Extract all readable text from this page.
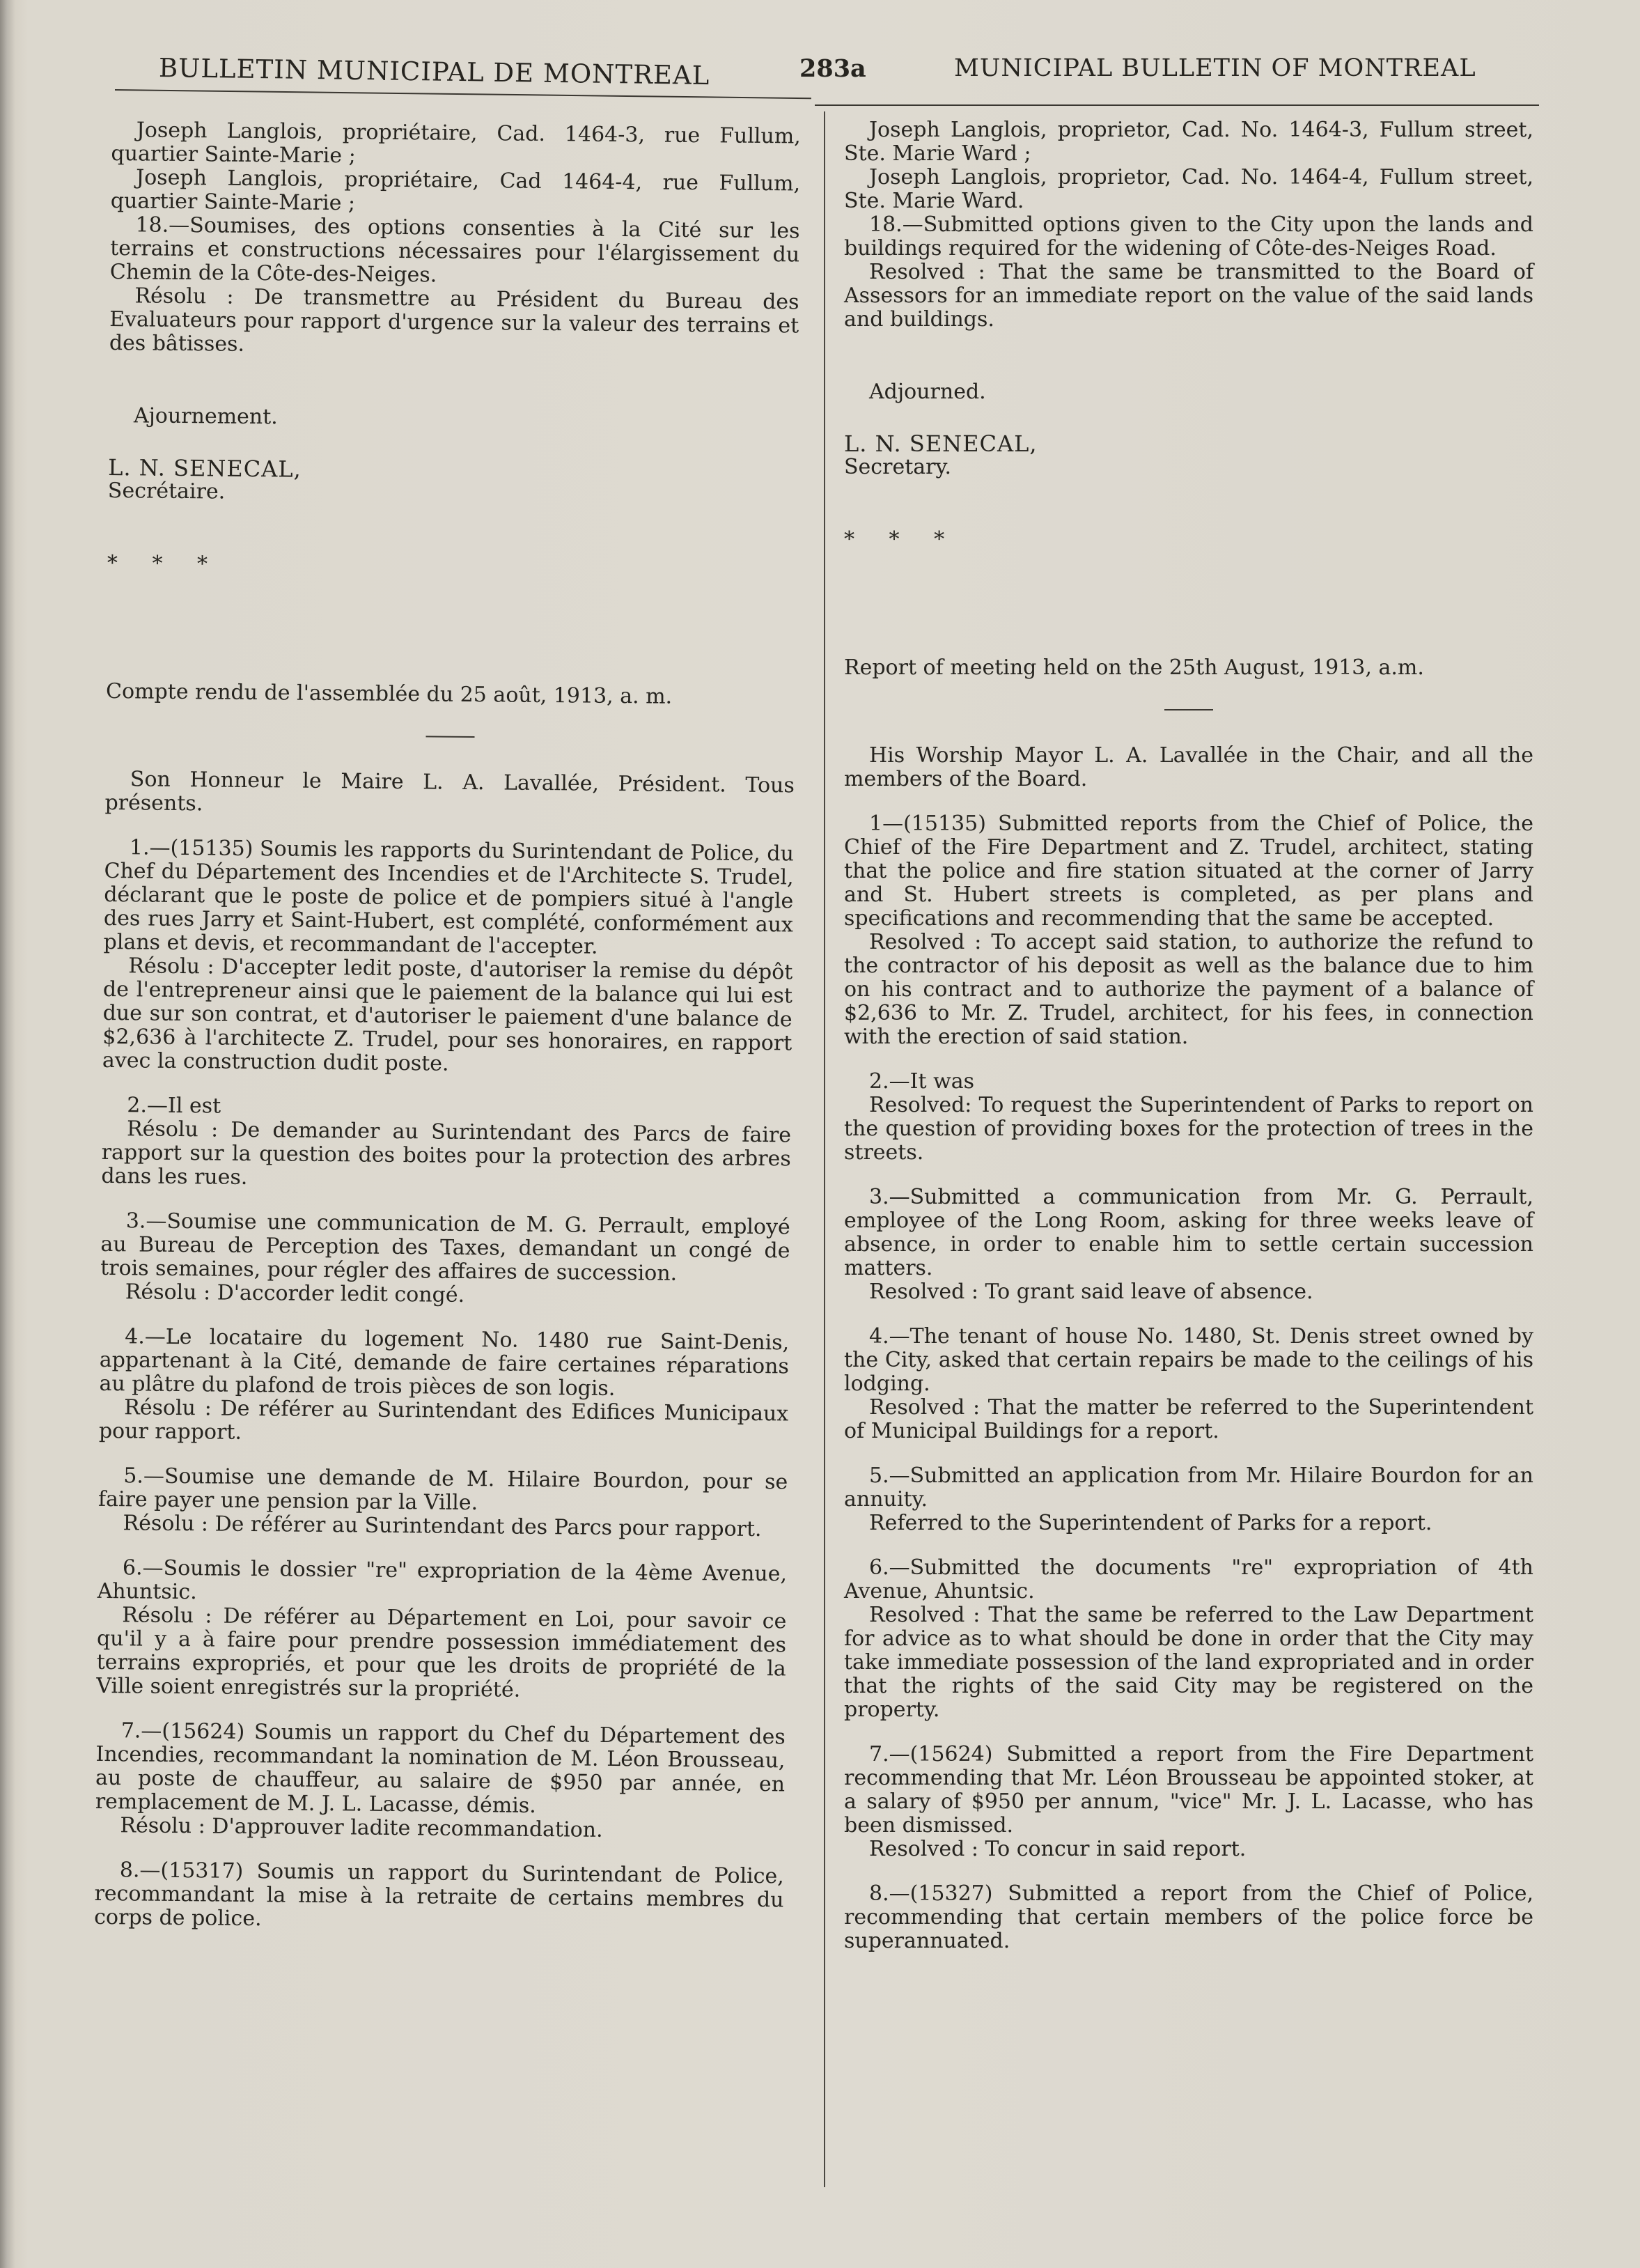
BULLETIN MUNICIPAL DE MONTREAL	283a	MUNICIPAL BULLETIN OF MONTREAL

Joseph Langlois, propriétaire, Cad. 1464-3, rue Fullum, quartier Sainte-Marie ;

Joseph Langlois, propriétaire, Cad 1464-4, rue Fullum, quartier Sainte-Marie ;

18.—Soumises, des options consenties à la Cité sur les terrains et constructions nécessaires pour l'élargissement du Chemin de la Côte-des-Neiges.

Résolu : De transmettre au Président du Bureau des Evaluateurs pour rapport d'urgence sur la valeur des terrains et des bâtisses.

Ajournement.

L. N. SENECAL,

Secrétaire.

* * *

Compte rendu de l'assemblée du 25 août, 1913, a. m.

Son Honneur le Maire L. A. Lavallée, Président. Tous présents.

1.—(15135) Soumis les rapports du Surintendant de Police, du Chef du Département des Incendies et de l'Architecte S. Trudel, déclarant que le poste de police et de pompiers situé à l'angle des rues Jarry et Saint-Hubert, est complété, conformément aux plans et devis, et recommandant de l'accepter.

Résolu : D'accepter ledit poste, d'autoriser la remise du dépôt de l'entrepreneur ainsi que le paiement de la balance qui lui est due sur son contrat, et d'autoriser le paiement d'une balance de $2,636 à l'architecte Z. Trudel, pour ses honoraires, en rapport avec la construction dudit poste.

2.—Il est

Résolu : De demander au Surintendant des Parcs de faire rapport sur la question des boites pour la protection des arbres dans les rues.

3.—Soumise une communication de M. G. Perrault, employé au Bureau de Perception des Taxes, demandant un congé de trois semaines, pour régler des affaires de succession.

Résolu : D'accorder ledit congé.

4.—Le locataire du logement No. 1480 rue Saint-Denis, appartenant à la Cité, demande de faire certaines réparations au plâtre du plafond de trois pièces de son logis.

Résolu : De référer au Surintendant des Edifices Municipaux pour rapport.

5.—Soumise une demande de M. Hilaire Bourdon, pour se faire payer une pension par la Ville.

Résolu : De référer au Surintendant des Parcs pour rapport.

6.—Soumis le dossier "re" expropriation de la 4ème Avenue, Ahuntsic.

Résolu : De référer au Département en Loi, pour savoir ce qu'il y a à faire pour prendre possession immédiatement des terrains expropriés, et pour que les droits de propriété de la Ville soient enregistrés sur la propriété.

7.—(15624) Soumis un rapport du Chef du Département des Incendies, recommandant la nomination de M. Léon Brousseau, au poste de chauffeur, au salaire de $950 par année, en remplacement de M. J. L. Lacasse, démis.

Résolu : D'approuver ladite recommandation.

8.—(15317) Soumis un rapport du Surintendant de Police, recommandant la mise à la retraite de certains membres du corps de police.

Joseph Langlois, proprietor, Cad. No. 1464-3, Fullum street, Ste. Marie Ward ;

Joseph Langlois, proprietor, Cad. No. 1464-4, Fullum street, Ste. Marie Ward.

18.—Submitted options given to the City upon the lands and buildings required for the widening of Côte-des-Neiges Road.

Resolved : That the same be transmitted to the Board of Assessors for an immediate report on the value of the said lands and buildings.

Adjourned.

L. N. SENECAL,

Secretary.

* * *

Report of meeting held on the 25th August, 1913, a.m.

His Worship Mayor L. A. Lavallée in the Chair, and all the members of the Board.

1—(15135) Submitted reports from the Chief of Police, the Chief of the Fire Department and Z. Trudel, architect, stating that the police and fire station situated at the corner of Jarry and St. Hubert streets is completed, as per plans and specifications and recommending that the same be accepted.

Resolved : To accept said station, to authorize the refund to the contractor of his deposit as well as the balance due to him on his contract and to authorize the payment of a balance of $2,636 to Mr. Z. Trudel, architect, for his fees, in connection with the erection of said station.

2.—It was

Resolved: To request the Superintendent of Parks to report on the question of providing boxes for the protection of trees in the streets.

3.—Submitted a communication from Mr. G. Perrault, employee of the Long Room, asking for three weeks leave of absence, in order to enable him to settle certain succession matters.

Resolved : To grant said leave of absence.

4.—The tenant of house No. 1480, St. Denis street owned by the City, asked that certain repairs be made to the ceilings of his lodging.

Resolved : That the matter be referred to the Superintendent of Municipal Buildings for a report.

5.—Submitted an application from Mr. Hilaire Bourdon for an annuity.

Referred to the Superintendent of Parks for a report.

6.—Submitted the documents "re" expropriation of 4th Avenue, Ahuntsic.

Resolved : That the same be referred to the Law Department for advice as to what should be done in order that the City may take immediate possession of the land expropriated and in order that the rights of the said City may be registered on the property.

7.—(15624) Submitted a report from the Fire Department recommending that Mr. Léon Brousseau be appointed stoker, at a salary of $950 per annum, "vice" Mr. J. L. Lacasse, who has been dismissed.

Resolved : To concur in said report.

8.—(15327) Submitted a report from the Chief of Police, recommending that certain members of the police force be superannuated.
